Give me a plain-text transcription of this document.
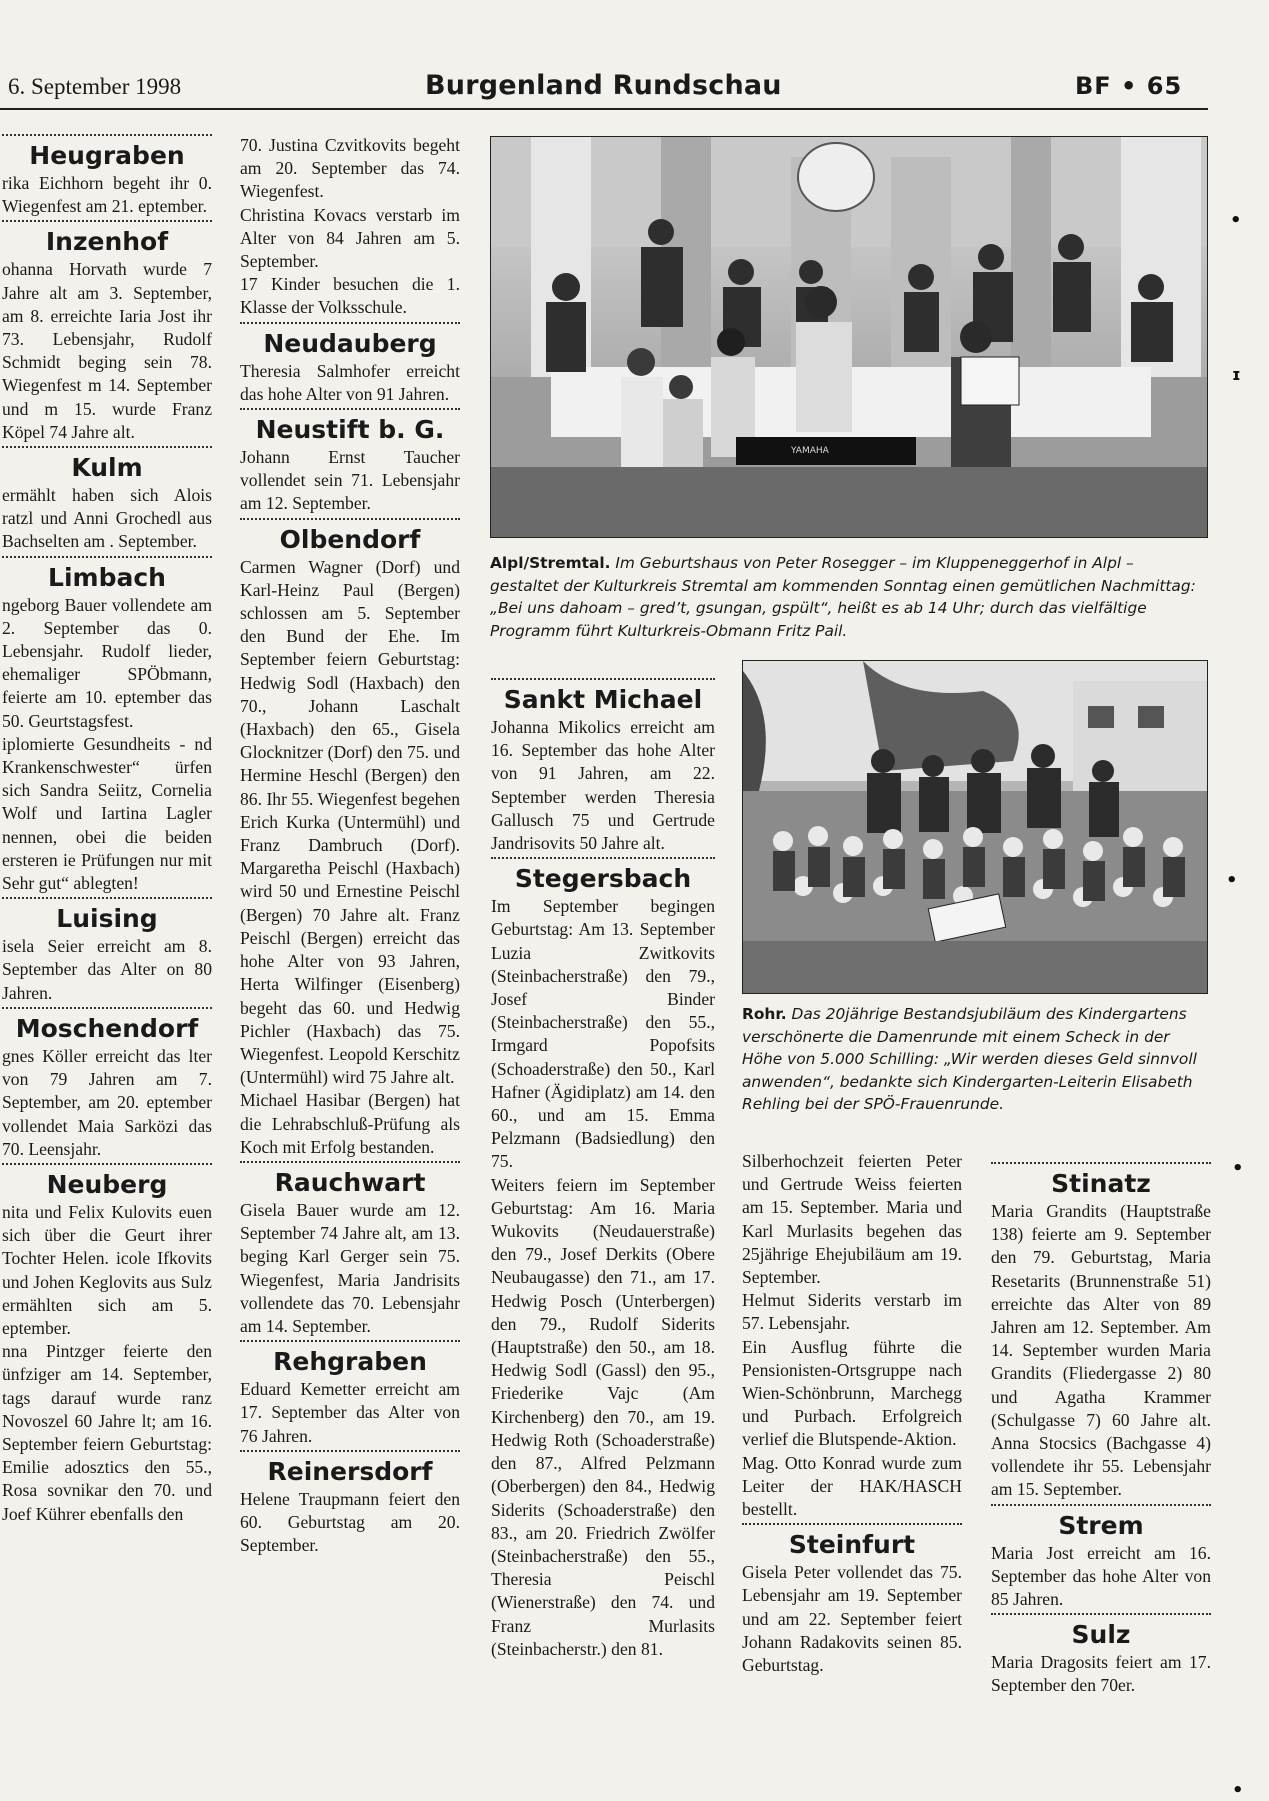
6. September 1998	Burgenland Rundschau	BF • 65
Heugraben

rika Eichhorn begeht ihr 0. Wiegenfest am 21. eptember.

Inzenhof

ohanna Horvath wurde 7 Jahre alt am 3. September, am 8. erreichte Iaria Jost ihr 73. Lebensjahr, Rudolf Schmidt beging sein 78. Wiegenfest m 14. September und m 15. wurde Franz Köpel 74 Jahre alt.

Kulm

ermählt haben sich Alois ratzl und Anni Grochedl aus Bachselten am . September.

Limbach

ngeborg Bauer vollendete am 2. September das 0. Lebensjahr. Rudolf lieder, ehemaliger SPÖbmann, feierte am 10. eptember das 50. Geurtstagsfest.

iplomierte Gesundheits - nd Krankenschwester“ ürfen sich Sandra Seiitz, Cornelia Wolf und Iartina Lagler nennen, obei die beiden ersteren ie Prüfungen nur mit Sehr gut“ ablegten!

Luising

isela Seier erreicht am 8. September das Alter on 80 Jahren.

Moschendorf

gnes Köller erreicht das lter von 79 Jahren am 7. September, am 20. eptember vollendet Maia Sarközi das 70. Leensjahr.

Neuberg

nita und Felix Kulovits euen sich über die Geurt ihrer Tochter Helen. icole Ifkovits und Johen Keglovits aus Sulz ermählten sich am 5. eptember.

nna Pintzger feierte den ünfziger am 14. September, tags darauf wurde ranz Novoszel 60 Jahre lt; am 16. September feiern Geburtstag: Emilie adosztics den 55., Rosa sovnikar den 70. und Joef Kührer ebenfalls den

70. Justina Czvitkovits begeht am 20. September das 74. Wiegenfest.

Christina Kovacs verstarb im Alter von 84 Jahren am 5. September.

17 Kinder besuchen die 1. Klasse der Volksschule.

Neudauberg

Theresia Salmhofer erreicht das hohe Alter von 91 Jahren.

Neustift b. G.

Johann Ernst Taucher vollendet sein 71. Lebensjahr am 12. September.

Olbendorf

Carmen Wagner (Dorf) und Karl-Heinz Paul (Bergen) schlossen am 5. September den Bund der Ehe. Im September feiern Geburtstag: Hedwig Sodl (Haxbach) den 70., Johann Laschalt (Haxbach) den 65., Gisela Glocknitzer (Dorf) den 75. und Hermine Heschl (Bergen) den 86. Ihr 55. Wiegenfest begehen Erich Kurka (Untermühl) und Franz Dambruch (Dorf). Margaretha Peischl (Haxbach) wird 50 und Ernestine Peischl (Bergen) 70 Jahre alt. Franz Peischl (Bergen) erreicht das hohe Alter von 93 Jahren, Herta Wilfinger (Eisenberg) begeht das 60. und Hedwig Pichler (Haxbach) das 75. Wiegenfest. Leopold Kerschitz (Untermühl) wird 75 Jahre alt.

Michael Hasibar (Bergen) hat die Lehrabschluß-Prüfung als Koch mit Erfolg bestanden.

Rauchwart

Gisela Bauer wurde am 12. September 74 Jahre alt, am 13. beging Karl Gerger sein 75. Wiegenfest, Maria Jandrisits vollendete das 70. Lebensjahr am 14. September.

Rehgraben

Eduard Kemetter erreicht am 17. September das Alter von 76 Jahren.

Reinersdorf

Helene Traupmann feiert den 60. Geburtstag am 20. September.

YAMAHA
Alpl/Stremtal. Im Geburtshaus von Peter Rosegger – im Kluppeneggerhof in Alpl – gestaltet der Kulturkreis Stremtal am kommenden Sonntag einen gemütlichen Nachmittag: „Bei uns dahoam – gred’t, gsungan, gspült“, heißt es ab 14 Uhr; durch das vielfältige Programm führt Kulturkreis-Obmann Fritz Pail.
Sankt Michael

Johanna Mikolics erreicht am 16. September das hohe Alter von 91 Jahren, am 22. September werden Theresia Gallusch 75 und Gertrude Jandrisovits 50 Jahre alt.

Stegersbach

Im September begingen Geburtstag: Am 13. September Luzia Zwitkovits (Steinbacherstraße) den 79., Josef Binder (Steinbacherstraße) den 55., Irmgard Popofsits (Schoaderstraße) den 50., Karl Hafner (Ägidiplatz) am 14. den 60., und am 15. Emma Pelzmann (Badsiedlung) den 75.

Weiters feiern im September Geburtstag: Am 16. Maria Wukovits (Neudauerstraße) den 79., Josef Derkits (Obere Neubaugasse) den 71., am 17. Hedwig Posch (Unterbergen) den 79., Rudolf Siderits (Hauptstraße) den 50., am 18. Hedwig Sodl (Gassl) den 95., Friederike Vajc (Am Kirchenberg) den 70., am 19. Hedwig Roth (Schoaderstraße) den 87., Alfred Pelzmann (Oberbergen) den 84., Hedwig Siderits (Schoaderstraße) den 83., am 20. Friedrich Zwölfer (Steinbacherstraße) den 55., Theresia Peischl (Wienerstraße) den 74. und Franz Murlasits (Steinbacherstr.) den 81.

Rohr. Das 20jährige Bestandsjubiläum des Kindergartens verschönerte die Damenrunde mit einem Scheck in der Höhe von 5.000 Schilling: „Wir werden dieses Geld sinnvoll anwenden“, bedankte sich Kindergarten-Leiterin Elisabeth Rehling bei der SPÖ-Frauenrunde.

Silberhochzeit feierten Peter und Gertrude Weiss feierten am 15. September. Maria und Karl Murlasits begehen das 25jährige Ehejubiläum am 19. September.

Helmut Siderits verstarb im 57. Lebensjahr.

Ein Ausflug führte die Pensionisten-Ortsgruppe nach Wien-Schönbrunn, Marchegg und Purbach. Erfolgreich verlief die Blutspende-Aktion.

Mag. Otto Konrad wurde zum Leiter der HAK/HASCH bestellt.

Steinfurt

Gisela Peter vollendet das 75. Lebensjahr am 19. September und am 22. September feiert Johann Radakovits seinen 85. Geburtstag.

Stinatz

Maria Grandits (Hauptstraße 138) feierte am 9. September den 79. Geburtstag, Maria Resetarits (Brunnenstraße 51) erreichte das Alter von 89 Jahren am 12. September. Am 14. September wurden Maria Grandits (Fliedergasse 2) 80 und Agatha Krammer (Schulgasse 7) 60 Jahre alt. Anna Stocsics (Bachgasse 4) vollendete ihr 55. Lebensjahr am 15. September.

Strem

Maria Jost erreicht am 16. September das hohe Alter von 85 Jahren.

Sulz

Maria Dragosits feiert am 17. September den 70er.

•
ɪ
•
•
•
